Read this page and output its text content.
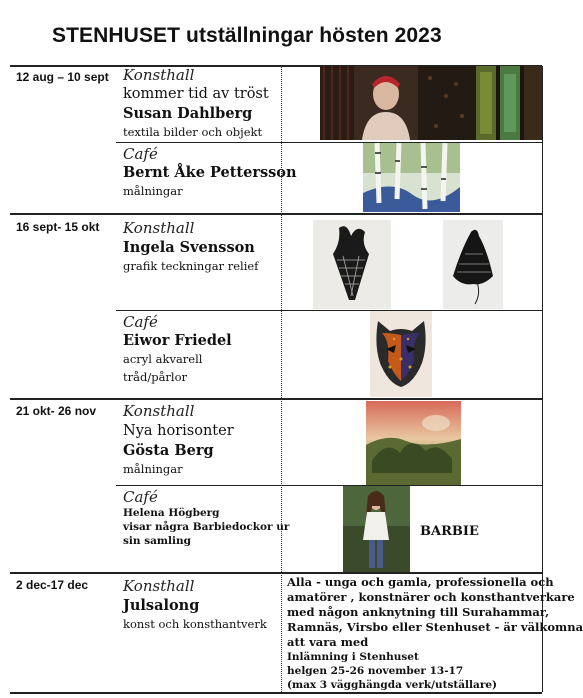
STENHUSET utställningar hösten 2023
12 aug – 10 sept Konsthall
kommer tid av tröst
Susan Dahlberg
textila bilder och objekt
Café
Bernt Åke Pettersson
målningar
16 sept- 15 okt Konsthall
Ingela Svensson
grafik teckningar relief
Café
Eiwor Friedel
acryl akvarell
tråd/pårlor
21 okt- 26 nov Konsthall
Nya horisonter
Gösta Berg
målningar
Café
Helena Högberg
visar några Barbiedockor ur
sin samling
BARBIE
2 dec-17 dec Konsthall
Julsalong
konst och konsthantverk
Alla - unga och gamla, professionella och
amatörer , konstnärer och konsthantverkare
med någon anknytning till Surahammar,
Ramnäs, Virsbo eller Stenhuset - är välkomna
att vara med
Inlämning i Stenhuset
helgen 25-26 november 13-17
(max 3 vägghängda verk/utställare)
